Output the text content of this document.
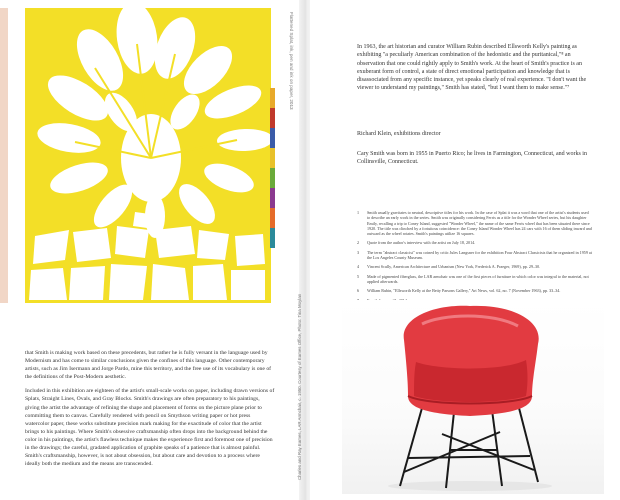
Flattened Splat, ink, pen and ink on paper, 2013

that Smith is making work based on these precedents, but rather he is fully versant in the language used by Modernism and has come to similar conclusions given the confines of this language. Other contemporary artists, such as Jim Isermann and Jorge Pardo, mine this territory, and the free use of its vocabulary is one of the definitions of the Post-Modern aesthetic.

Included in this exhibition are eighteen of the artist's small-scale works on paper, including drawn versions of Splats, Straight Lines, Ovals, and Gray Blocks. Smith's drawings are often preparatory to his paintings, giving the artist the advantage of refining the shape and placement of forms on the picture plane prior to committing them to canvas. Carefully rendered with pencil on Smythson writing paper or hot press watercolor paper, these works substitute precision mark making for the exactitude of color that the artist brings to his paintings. Where Smith's obsessive craftsmanship often drops into the background behind the color in his paintings, the artist's flawless technique makes the experience first and foremost one of precision in the drawings; the careful, gradated application of graphite speaks of a patience that is almost painful. Smith's craftsmanship, however, is not about obsession, but about care and devotion to a process where ideally both the medium and the means are transcended.

In 1963, the art historian and curator William Rubin described Ellsworth Kelly's painting as exhibiting "a peculiarly American combination of the hedonistic and the puritanical,"⁸ an observation that one could rightly apply to Smith's work. At the heart of Smith's practice is an exuberant form of control, a state of direct emotional participation and knowledge that is disassociated from any specific instance, yet speaks clearly of real experience. "I don't want the viewer to understand my paintings," Smith has stated, "but I want them to make sense."⁷

Richard Klein, exhibitions director

Cary Smith was born in 1955 in Puerto Rico; he lives in Farmington, Connecticut, and works in Collinsville, Connecticut.

1	Smith usually gravitates to neutral, descriptive titles for his work. In the case of Splat it was a word that one of the artist's students used to describe an early work in the series. Smith was originally considering Ferris as a title for the Wonder Wheel series, but his daughter Emily, recalling a trip to Coney Island, suggested "Wonder Wheel," the name of the same Ferris wheel that has been situated there since 1920. The title was clinched by a fortuitous coincidence: the Coney Island Wonder Wheel has 24 cars with 16 of them sliding inward and outward as the wheel rotates. Smith's paintings utilize 16 squares.
2	Quote from the author's interview with the artist on July 18, 2014.
3	The term "abstract classicist" was coined by critic Jules Langsner for the exhibition Four Abstract Classicists that he organized in 1959 at the Los Angeles County Museum.
4	Vincent Scully, American Architecture and Urbanism (New York, Frederick A. Praeger, 1969), pp. 29–30.
5	Made of pigmented fiberglass, the LAR armchair was one of the first pieces of furniture in which color was integral to the material, not applied afterwards.
6	William Rubin, "Ellsworth Kelly at the Betty Parsons Gallery," Art News, vol. 62, no. 7 (November 1963), pp. 33–34.
Charles and Ray Eames, LAR Armchair, c. 1950. Courtesy of Eames Office, Photo: Tina Moylan
